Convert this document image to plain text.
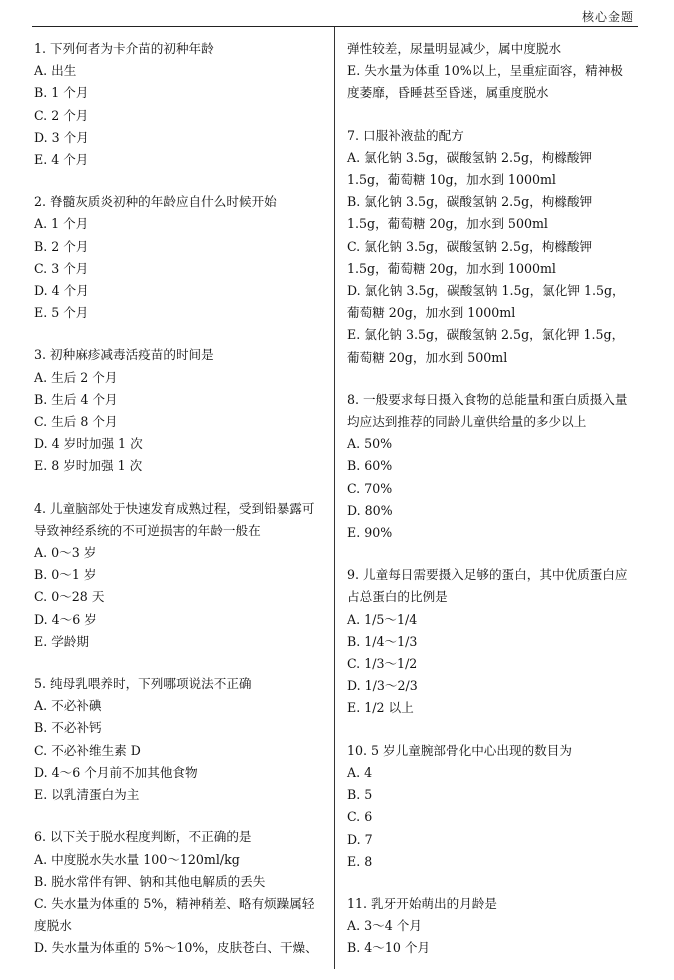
核心金题

1. 下列何者为卡介苗的初种年龄

A. 出生

B. 1 个月

C. 2 个月

D. 3 个月

E. 4 个月

2. 脊髓灰质炎初种的年龄应自什么时候开始

A. 1 个月

B. 2 个月

C. 3 个月

D. 4 个月

E. 5 个月

3. 初种麻疹减毒活疫苗的时间是

A. 生后 2 个月

B. 生后 4 个月

C. 生后 8 个月

D. 4 岁时加强 1 次

E. 8 岁时加强 1 次

4. 儿童脑部处于快速发育成熟过程，受到铅暴露可导致神经系统的不可逆损害的年龄一般在

A. 0～3 岁

B. 0～1 岁

C. 0～28 天

D. 4～6 岁

E. 学龄期

5. 纯母乳喂养时，下列哪项说法不正确

A. 不必补碘

B. 不必补钙

C. 不必补维生素 D

D. 4～6 个月前不加其他食物

E. 以乳清蛋白为主

6. 以下关于脱水程度判断，不正确的是

A. 中度脱水失水量 100～120ml/kg

B. 脱水常伴有钾、钠和其他电解质的丢失

C. 失水量为体重的 5%，精神稍差、略有烦躁属轻度脱水

D. 失水量为体重的 5%～10%，皮肤苍白、干燥、

弹性较差，尿量明显减少，属中度脱水

E. 失水量为体重 10%以上，呈重症面容，精神极度萎靡，昏睡甚至昏迷，属重度脱水

7. 口服补液盐的配方

A. 氯化钠 3.5g，碳酸氢钠 2.5g，枸橼酸钾 1.5g，葡萄糖 10g，加水到 1000ml

B. 氯化钠 3.5g，碳酸氢钠 2.5g，枸橼酸钾 1.5g，葡萄糖 20g，加水到 500ml

C. 氯化钠 3.5g，碳酸氢钠 2.5g，枸橼酸钾 1.5g，葡萄糖 20g，加水到 1000ml

D. 氯化钠 3.5g，碳酸氢钠 1.5g，氯化钾 1.5g，葡萄糖 20g，加水到 1000ml

E. 氯化钠 3.5g，碳酸氢钠 2.5g，氯化钾 1.5g，葡萄糖 20g，加水到 500ml

8. 一般要求每日摄入食物的总能量和蛋白质摄入量均应达到推荐的同龄儿童供给量的多少以上

A. 50%

B. 60%

C. 70%

D. 80%

E. 90%

9. 儿童每日需要摄入足够的蛋白，其中优质蛋白应占总蛋白的比例是

A. 1/5～1/4

B. 1/4～1/3

C. 1/3～1/2

D. 1/3～2/3

E. 1/2 以上

10. 5 岁儿童腕部骨化中心出现的数目为

A. 4

B. 5

C. 6

D. 7

E. 8

11. 乳牙开始萌出的月龄是

A. 3～4 个月

B. 4～10 个月
